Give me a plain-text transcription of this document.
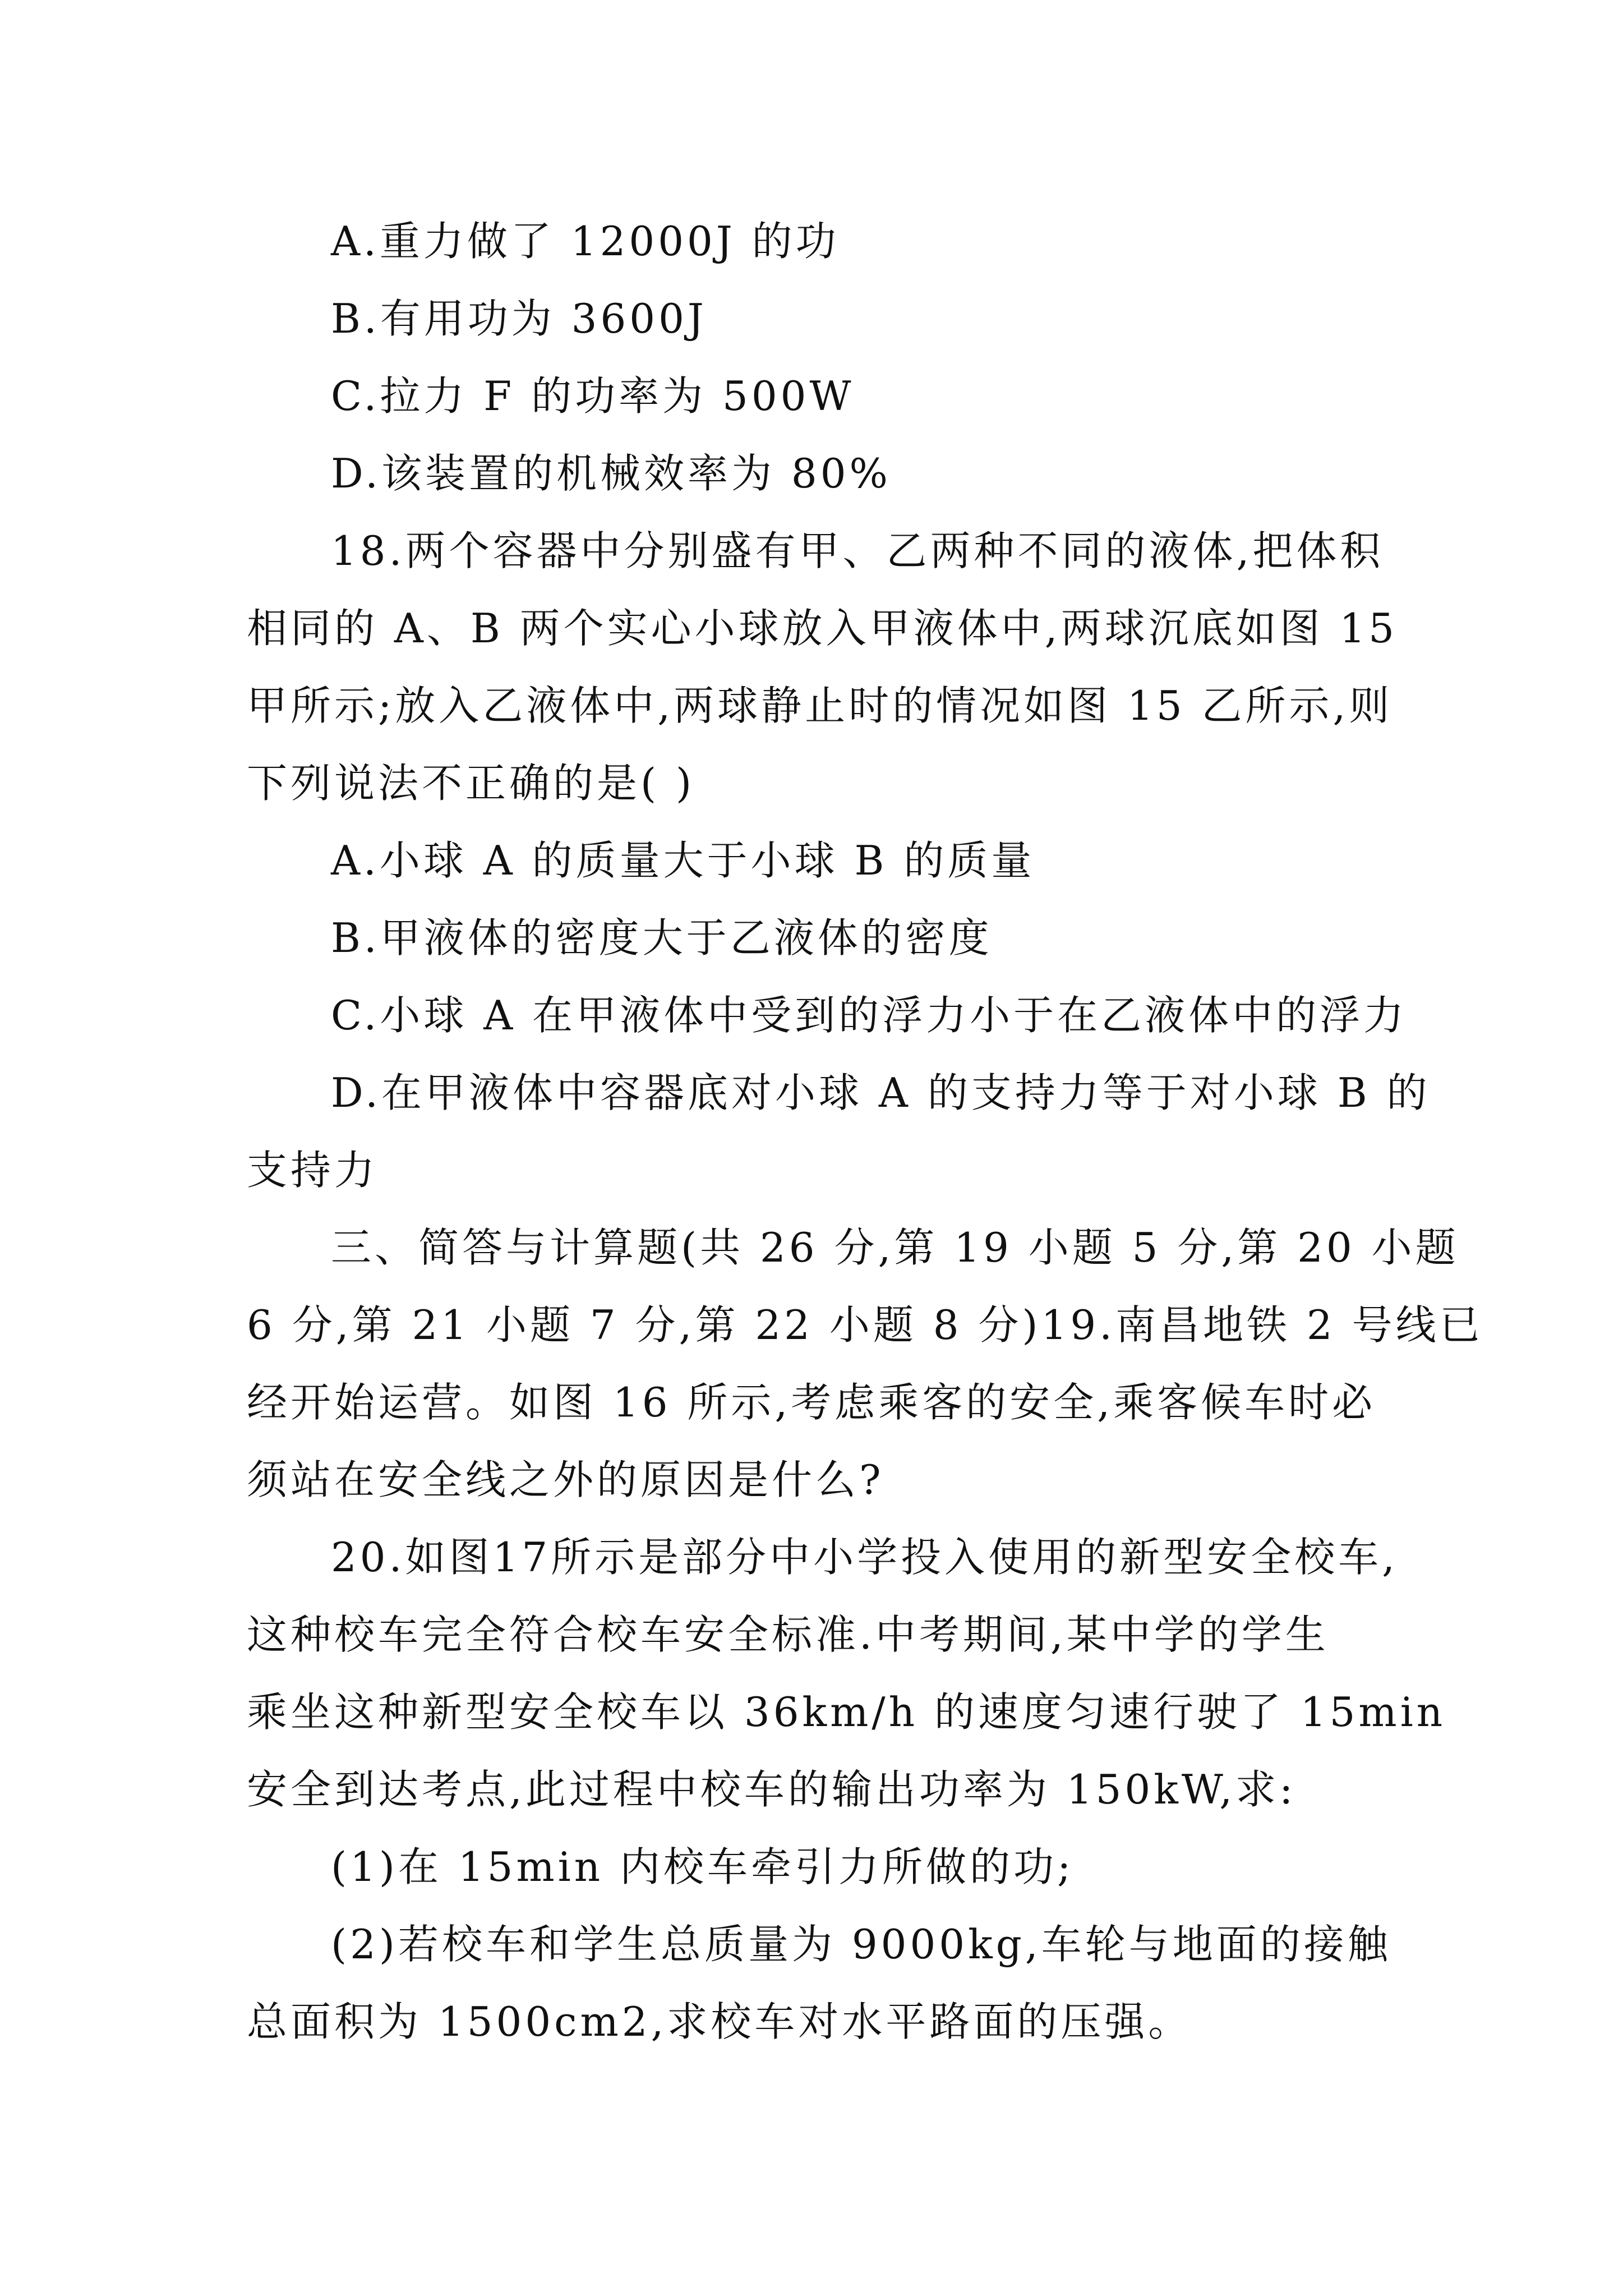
A.重力做了 12000J 的功
B.有用功为 3600J
C.拉力 F 的功率为 500W
D.该装置的机械效率为 80%
18.两个容器中分别盛有甲、乙两种不同的液体,把体积
相同的 A、B 两个实心小球放入甲液体中,两球沉底如图 15
甲所示;放入乙液体中,两球静止时的情况如图 15 乙所示,则
下列说法不正确的是( )
A.小球 A 的质量大于小球 B 的质量
B.甲液体的密度大于乙液体的密度
C.小球 A 在甲液体中受到的浮力小于在乙液体中的浮力
D.在甲液体中容器底对小球 A 的支持力等于对小球 B 的
支持力
三、简答与计算题(共 26 分,第 19 小题 5 分,第 20 小题
6 分,第 21 小题 7 分,第 22 小题 8 分)19.南昌地铁 2 号线已
经开始运营。如图 16 所示,考虑乘客的安全,乘客候车时必
须站在安全线之外的原因是什么?
20.如图17所示是部分中小学投入使用的新型安全校车,
这种校车完全符合校车安全标准.中考期间,某中学的学生
乘坐这种新型安全校车以 36km/h 的速度匀速行驶了 15min
安全到达考点,此过程中校车的输出功率为 150kW,求:
(1)在 15min 内校车牵引力所做的功;
(2)若校车和学生总质量为 9000kg,车轮与地面的接触
总面积为 1500cm2,求校车对水平路面的压强。
